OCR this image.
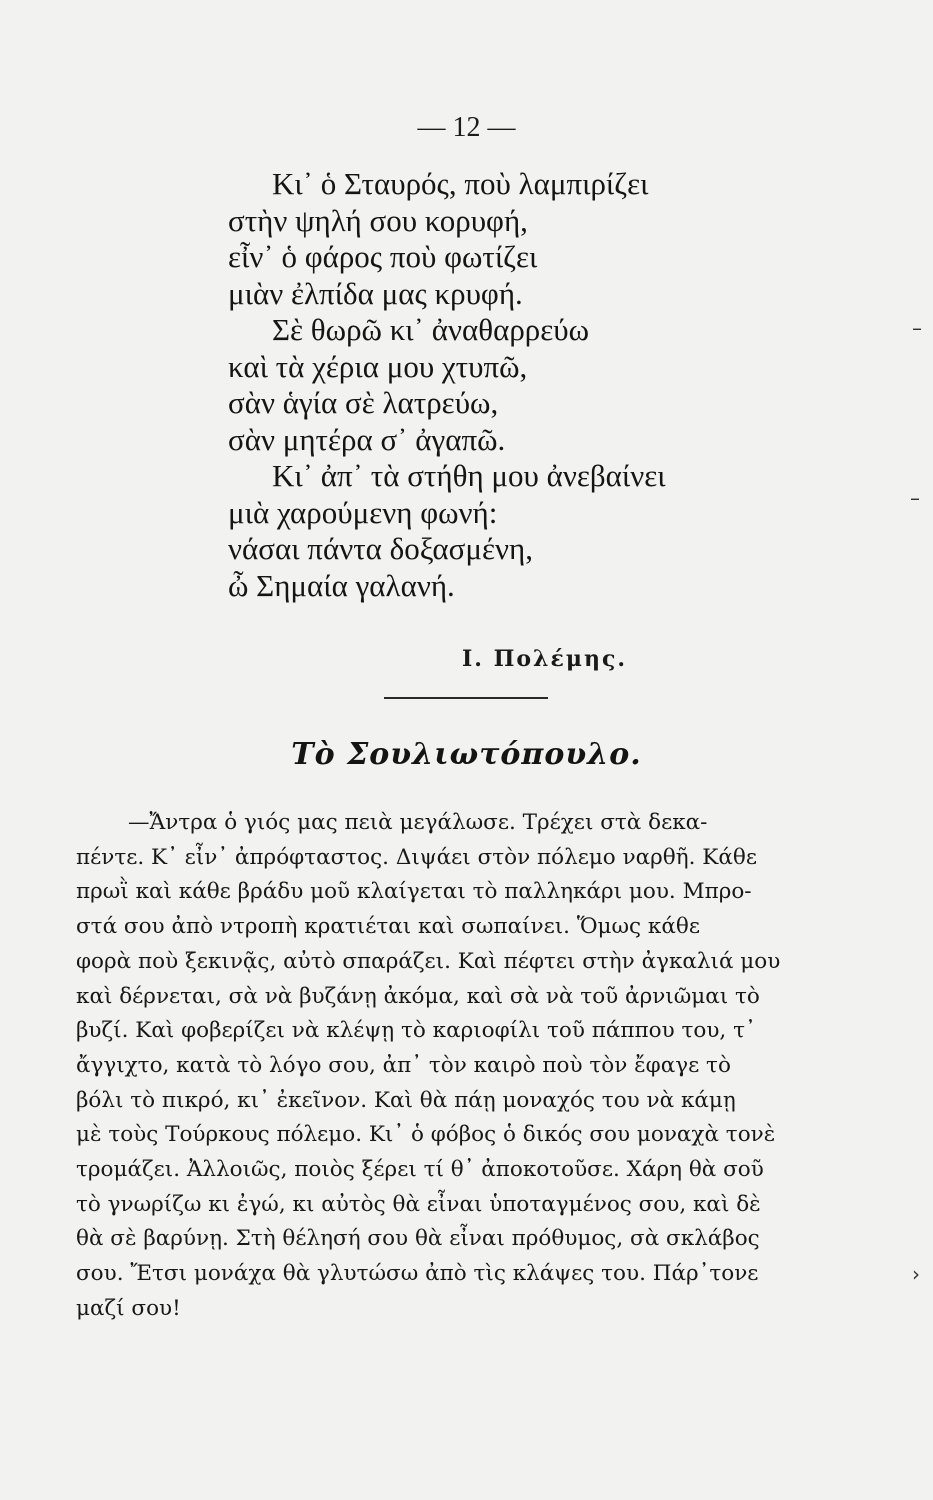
— 12 —
Κι᾿ ὁ Σταυρός, ποὺ λαμπιρίζει
στὴν ψηλή σου κορυφή,
εἶν᾿ ὁ φάρος ποὺ φωτίζει
μιὰν ἐλπίδα μας κρυφή.
Σὲ θωρῶ κι᾿ ἀναθαρρεύω
καὶ τὰ χέρια μου χτυπῶ,
σὰν ἁγία σὲ λατρεύω,
σὰν μητέρα σ᾿ ἀγαπῶ.
Κι᾿ ἀπ᾿ τὰ στήθη μου ἀνεβαίνει
μιὰ χαρούμενη φωνή:
νάσαι πάντα δοξασμένη,
ὦ Σημαία γαλανή.
Ι. Πολέμης.
Τὸ Σουλιωτόπουλο.
—Ἄντρα ὁ γιός μας πειὰ μεγάλωσε. Τρέχει στὰ δεκα-
πέντε. Κ᾿ εἶν᾿ ἀπρόφταστος. Διψάει στὸν πόλεμο ναρθῆ. Κάθε
πρωῒ καὶ κάθε βράδυ μοῦ κλαίγεται τὸ παλληκάρι μου. Μπρο-
στά σου ἀπὸ ντροπὴ κρατιέται καὶ σωπαίνει. Ὅμως κάθε
φορὰ ποὺ ξεκινᾷς, αὐτὸ σπαράζει. Καὶ πέφτει στὴν ἀγκαλιά μου
καὶ δέρνεται, σὰ νὰ βυζάνῃ ἀκόμα, καὶ σὰ νὰ τοῦ ἀρνιῶμαι τὸ
βυζί. Καὶ φοβερίζει νὰ κλέψῃ τὸ καριοφίλι τοῦ πάππου του, τ᾿
ἄγγιχτο, κατὰ τὸ λόγο σου, ἀπ᾿ τὸν καιρὸ ποὺ τὸν ἔφαγε τὸ
βόλι τὸ πικρό, κι᾿ ἐκεῖνον. Καὶ θὰ πάῃ μοναχός του νὰ κάμῃ
μὲ τοὺς Τούρκους πόλεμο. Κι᾿ ὁ φόβος ὁ δικός σου μοναχὰ τονὲ
τρομάζει. Ἀλλοιῶς, ποιὸς ξέρει τί θ᾿ ἀποκοτοῦσε. Χάρη θὰ σοῦ
τὸ γνωρίζω κι ἐγώ, κι αὐτὸς θὰ εἶναι ὑποταγμένος σου, καὶ δὲ
θὰ σὲ βαρύνῃ. Στὴ θέλησή σου θὰ εἶναι πρόθυμος, σὰ σκλάβος
σου. Ἔτσι μονάχα θὰ γλυτώσω ἀπὸ τὶς κλάψες του. Πάρ᾿τονε
μαζί σου!
–
–
›
